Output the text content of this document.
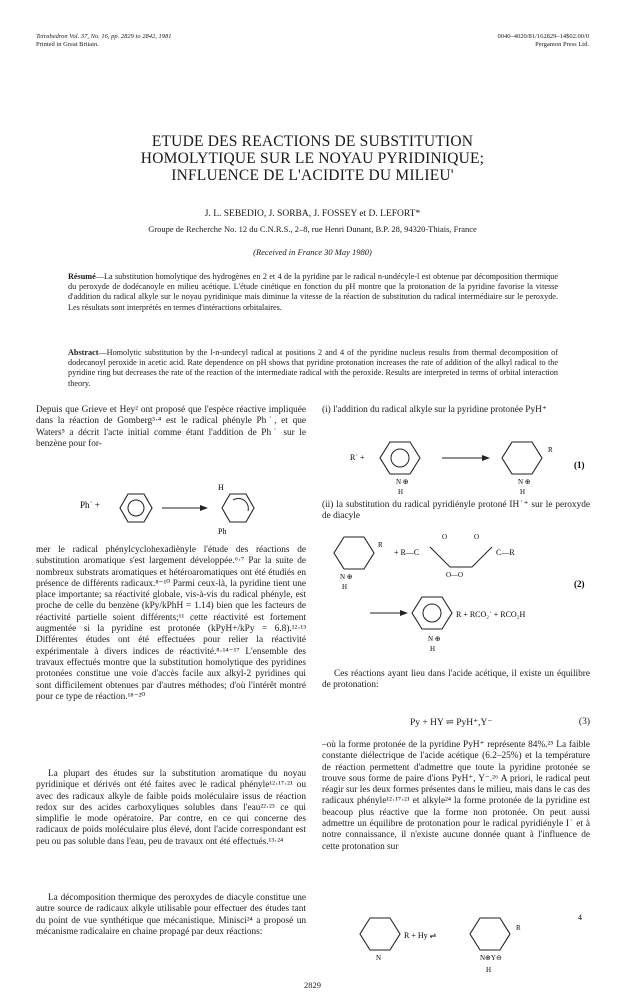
Tetrahedron Vol. 37, No. 16, pp. 2829 to 2842, 1981
Printed in Great Britain.
0040–4020/81/162829–14$02.00/0
Pergamon Press Ltd.
ETUDE DES REACTIONS DE SUBSTITUTION
HOMOLYTIQUE SUR LE NOYAU PYRIDINIQUE;
INFLUENCE DE L'ACIDITE DU MILIEU'
J. L. SEBEDIO, J. SORBA, J. FOSSEY et D. LEFORT*
Groupe de Recherche No. 12 du C.N.R.S., 2–8, rue Henri Dunant, B.P. 28, 94320-Thiais, France
(Received in France 30 May 1980)
Résumé—La substitution homolytique des hydrogènes en 2 et 4 de la pyridine par le radical n-undécyle-l est obtenue par décomposition thermique du peroxyde de dodécanoyle en milieu acétique. L'étude cinétique en fonction du pH montre que la protonation de la pyridine favorise la vitesse d'addition du radical alkyle sur le noyau pyridinique mais diminue la vitesse de la réaction de substitution du radical intermédiaire sur le peroxyde. Les résultats sont interprétés en termes d'intéractions orbitalaires.
Abstract—Homolytic substitution by the l-n-undecyl radical at positions 2 and 4 of the pyridine nucleus results from thermal decomposition of dodecanoyl peroxide in acetic acid. Rate dependence on pH shows that pyridine protonation increases the rate of addition of the alkyl radical to the pyridine ring but decreases the rate of the reaction of the intermediate radical with the peroxide. Results are interpreted in terms of orbital interaction theory.
Depuis que Grieve et Hey² ont proposé que l'espèce réactive impliquée dans la réaction de Gomberg³·⁴ est le radical phényle Ph˙, et que Waters⁵ a décrit l'acte initial comme étant l'addition de Ph˙ sur le benzène pour for-
Ph˙ +
H
Ph
mer le radical phénylcyclohexadiènyle l'étude des réactions de substitution aromatique s'est largement développée.⁶·⁷ Par la suite de nombreux substrats aromatiques et hétéroaromatiques ont été étudiés en présence de différents radicaux.⁸⁻¹⁰ Parmi ceux-là, la pyridine tient une place importante; sa réactivité globale, vis-à-vis du radical phényle, est proche de celle du benzène (kPy/kPhH = 1.14) bien que les facteurs de réactivité partielle soient différents;¹¹ cette réactivité est fortement augmentée si la pyridine est protonée (kPyH+/kPy = 6.8).¹²·¹³ Différentes études ont été effectuées pour relier la réactivité expérimentale à divers indices de réactivité.⁸·¹⁴⁻¹⁷ L'ensemble des travaux effectués montre que la substitution homolytique des pyridines protonées constitue une voie d'accès facile aux alkyl-2 pyridines qui sont difficilement obtenues par d'autres méthodes; d'où l'intérêt montré pour ce type de réaction.¹⁸⁻²⁰
La plupart des études sur la substitution aromatique du noyau pyridinique et dérivés ont été faites avec le radical phényle¹²·¹⁷·²¹ ou avec des radicaux alkyle de faible poids moléculaire issus de réaction redox sur des acides carboxyliques solubles dans l'eau²²·²³ ce qui simplifie le mode opératoire. Par contre, en ce qui concerne des radicaux de poids moléculaire plus élevé, dont l'acide correspondant est peu ou pas soluble dans l'eau, peu de travaux ont été effectués.¹³·²⁴
La décomposition thermique des peroxydes de diacyle constitue une autre source de radicaux alkyle utilisable pour effectuer des études tant du point de vue synthétique que mécanistique. Minisci²⁴ a proposé un mécanisme radicalaire en chaine propagé par deux réactions:
(i) l'addition du radical alkyle sur la pyridine protonée PyH⁺
R˙ +
N ⊕
H
R
N ⊕
H
(1)
(ii) la substitution du radical pyridiényle protoné IH˙⁺ sur le peroxyde de diacyle
R
N ⊕
H
+ R—C
O	O
O—O
C—R
(2)
N ⊕
H
R + RCO₂˙ + RCO₂H
Ces réactions ayant lieu dans l'acide acétique, il existe un équilibre de protonation:
Py + HY ⇌ PyH⁺,Y⁻	(3)
–où la forme protonée de la pyridine PyH⁺ représente 84%.²⁵ La faible constante diélectrique de l'acide acétique (6.2–25%) et la température de réaction permettent d'admettre que toute la pyridine protonée se trouve sous forme de paire d'ions PyH⁺, Y⁻.²⁶ A priori, le radical peut réagir sur les deux formes présentes dans le milieu, mais dans le cas des radicaux phényle¹²·¹⁷·²¹ et alkyle²⁴ la forme protonée de la pyridine est beacoup plus réactive que la forme non protonée. On peut aussi admettre un équilibre de protonation pour le radical pyridiényle I˙ et à notre connaissance, il n'existe aucune donnée quant à l'influence de cette protonation sur
N
R + Hy ⇌
R
N⊕Y⊖
H
4
2829
